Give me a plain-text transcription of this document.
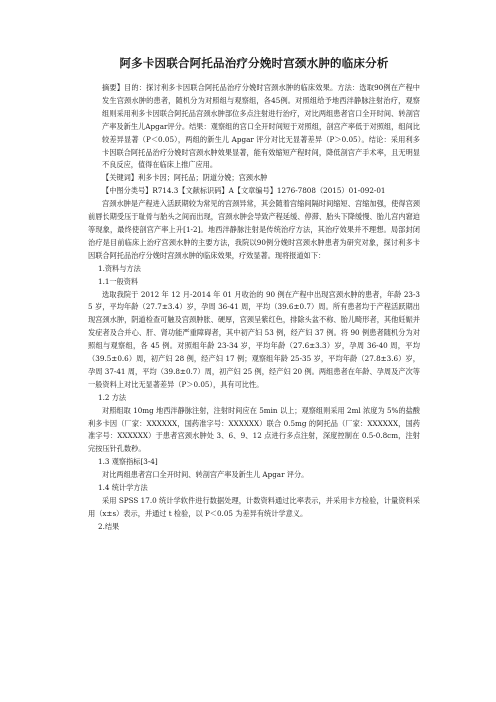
阿多卡因联合阿托品治疗分娩时宫颈水肿的临床分析

摘要】目的：探讨利多卡因联合阿托品治疗分娩时宫颈水肿的临床效果。方法：选取90例在产程中发生宫颈水肿的患者，随机分为对照组与观察组，各45例。对照组给予地西泮静脉注射治疗，观察组则采用利多卡因联合阿托品宫颈水肿部位多点注射进行治疗，对比两组患者宫口全开时间、转剖宫产率及新生儿Apgar评分。结果：观察组的宫口全开时间短于对照组，剖宫产率低于对照组，组间比较差异显著（P＜0.05），两组的新生儿 Apgar 评分对比无显著差异（P＞0.05）。结论：采用利多卡因联合阿托品治疗分娩时宫颈水肿效果显著，能有效缩短产程时间，降低剖宫产手术率，且无明显不良反应，值得在临床上推广应用。

【关键词】利多卡因；阿托品；阴道分娩；宫颈水肿

【中图分类号】R714.3【文献标识码】A【文章编号】1276-7808（2015）01-092-01

宫颈水肿是产程进入活跃期较为常见的宫颈异常，其会随着宫缩间隔时间缩短、宫缩加强，使得宫颈前唇长期受压于耻骨与胎头之间而出现，宫颈水肿会导致产程延缓、停滞、胎头下降缓慢、胎儿宫内窘迫等现象，最终使剖宫产率上升[1-2]。地西泮静脉注射是传统治疗方法，其治疗效果并不理想。局部封闭治疗是目前临床上治疗宫颈水肿的主要方法，我院以90例分娩时宫颈水肿患者为研究对象，探讨利多卡因联合阿托品治疗分娩时宫颈水肿的临床效果，疗效显著。现将报道如下：

1.资料与方法

1.1一般资料

选取我院于 2012 年 12 月-2014 年 01 月收治的 90 例在产程中出现宫颈水肿的患者，年龄 23-35 岁，平均年龄（27.7±3.4）岁，孕周 36-41 周，平均（39.6±0.7）周。所有患者均于产程活跃期出现宫颈水肿，阴道检查可触及宫颈肿胀、硬厚，宫颈呈紫红色，排除头盆不称、胎儿畸形者，其他妊娠并发症者及合并心、肝、肾功能严重障碍者，其中初产妇 53 例，经产妇 37 例。将 90 例患者随机分为对照组与观察组，各 45 例。对照组年龄 23-34 岁，平均年龄（27.6±3.3）岁，孕周 36-40 周，平均（39.5±0.6）周，初产妇 28 例，经产妇 17 例；观察组年龄 25-35 岁，平均年龄（27.8±3.6）岁，孕周 37-41 周，平均（39.8±0.7）周，初产妇 25 例，经产妇 20 例。两组患者在年龄、孕周及产次等一般资料上对比无显著差异（P＞0.05），具有可比性。

1.2 方法

对照组取 10mg 地西泮静脉注射，注射时间应在 5min 以上；观察组则采用 2ml 浓度为 5%的盐酸利多卡因（厂家：XXXXXX，国药准字号：XXXXXX）联合 0.5mg 的阿托品（厂家：XXXXXX，国药准字号：XXXXXX）于患者宫颈水肿处 3、6、9、12 点进行多点注射，深度控制在 0.5-0.8cm，注射完按压针孔数秒。

1.3 观察指标[3-4]

对比两组患者宫口全开时间、转剖宫产率及新生儿 Apgar 评分。

1.4 统计学方法

采用 SPSS 17.0 统计学软件进行数据处理，计数资料通过比率表示，并采用卡方检验，计量资料采用（x±s）表示，并通过 t 检验，以 P＜0.05 为差异有统计学意义。

2.结果
